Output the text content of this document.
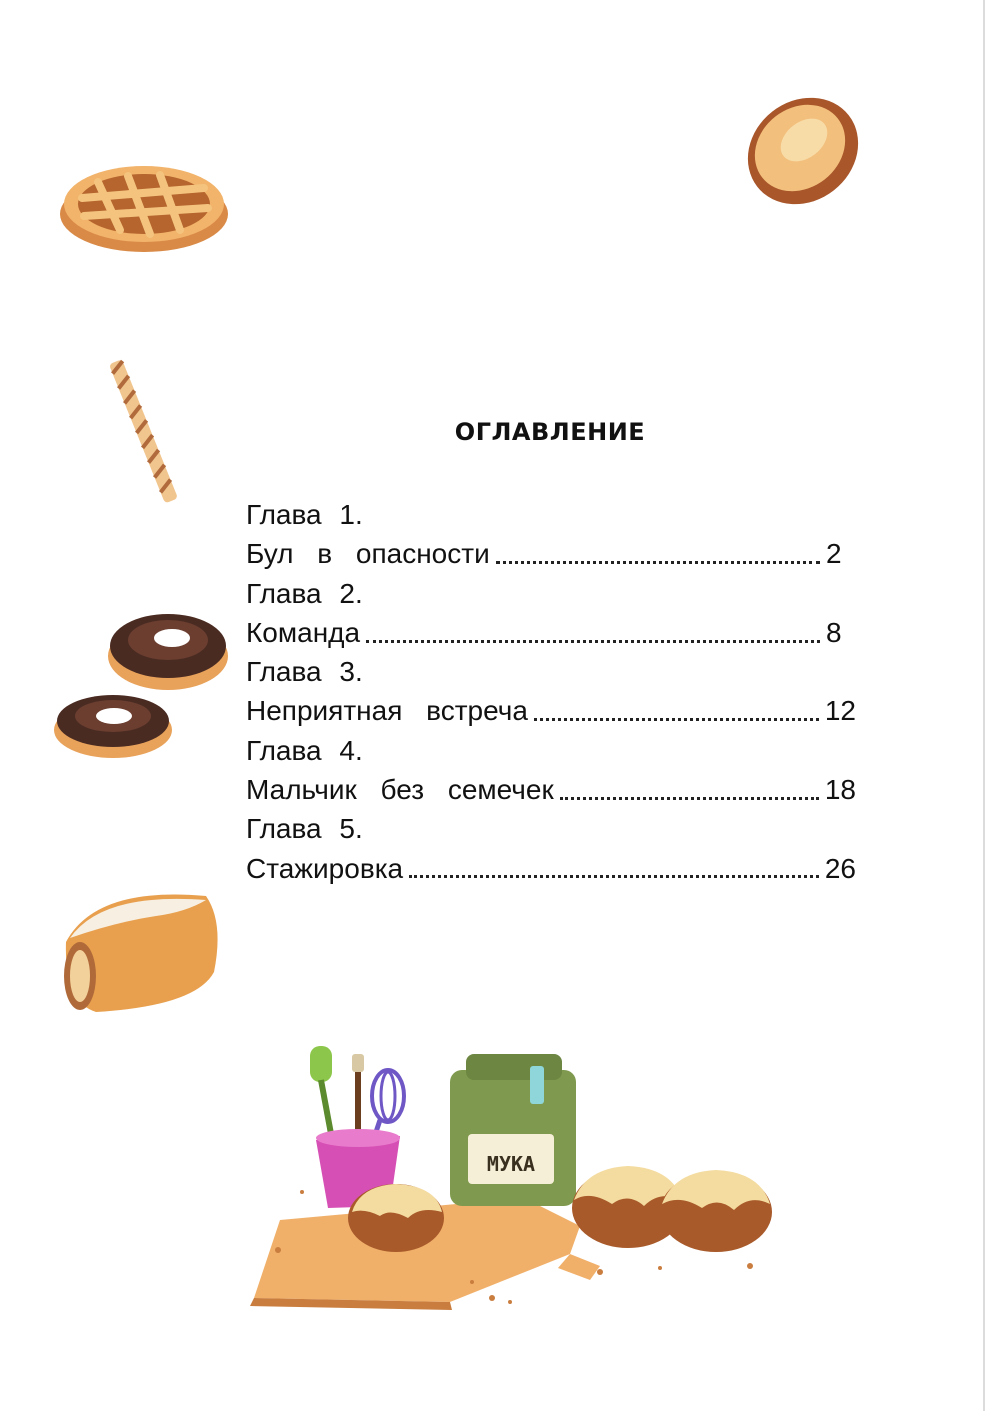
ОГЛАВЛЕНИЕ
Глава 1.
Бул в опасности	2
Глава 2.
Команда	8
Глава 3.
Неприятная встреча	12
Глава 4.
Мальчик без семечек	18
Глава 5.
Стажировка	26
МУКА
